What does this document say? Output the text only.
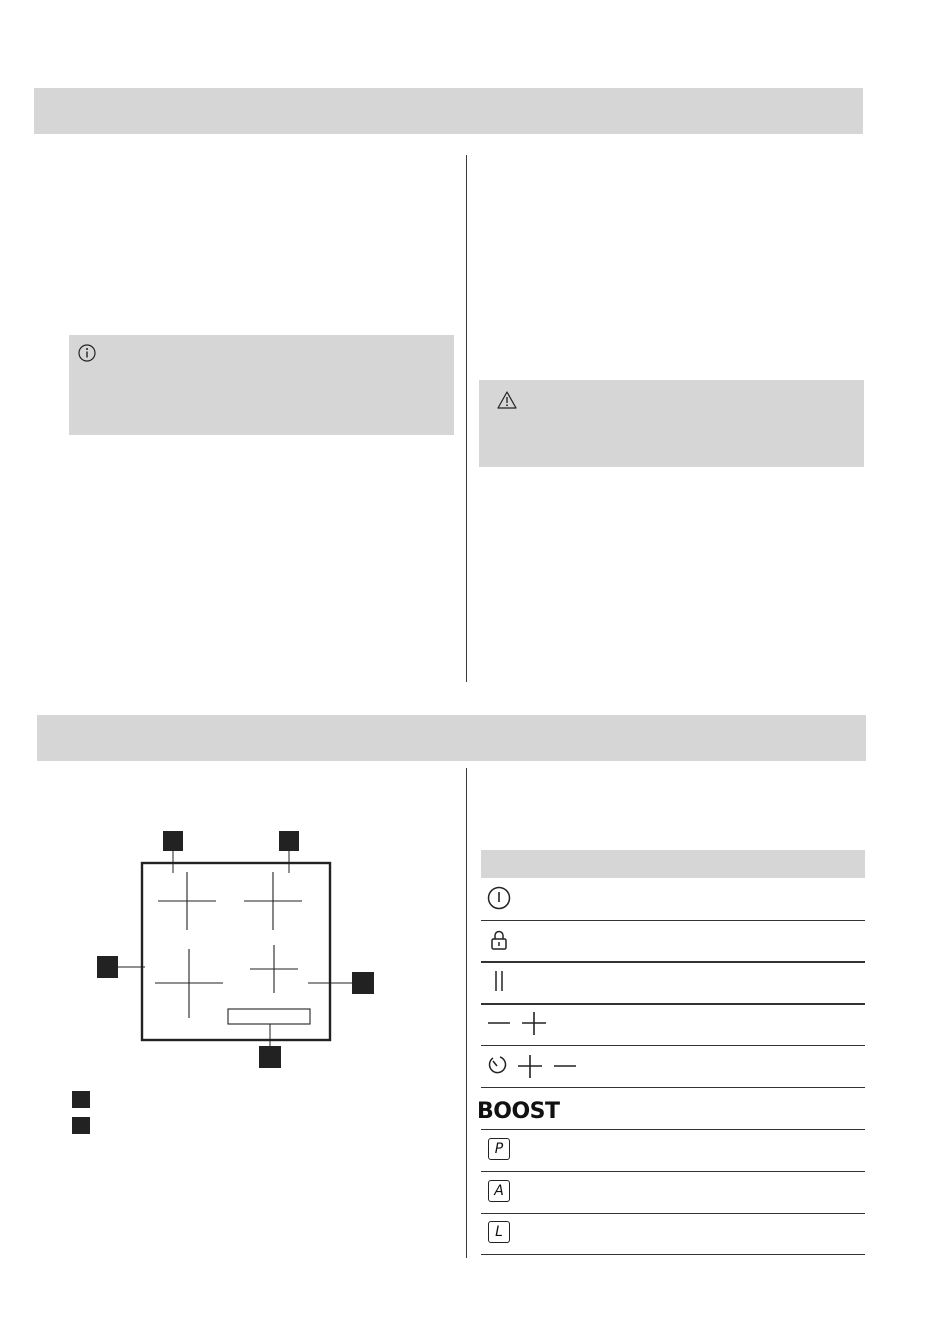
BOOST
P
A
L
